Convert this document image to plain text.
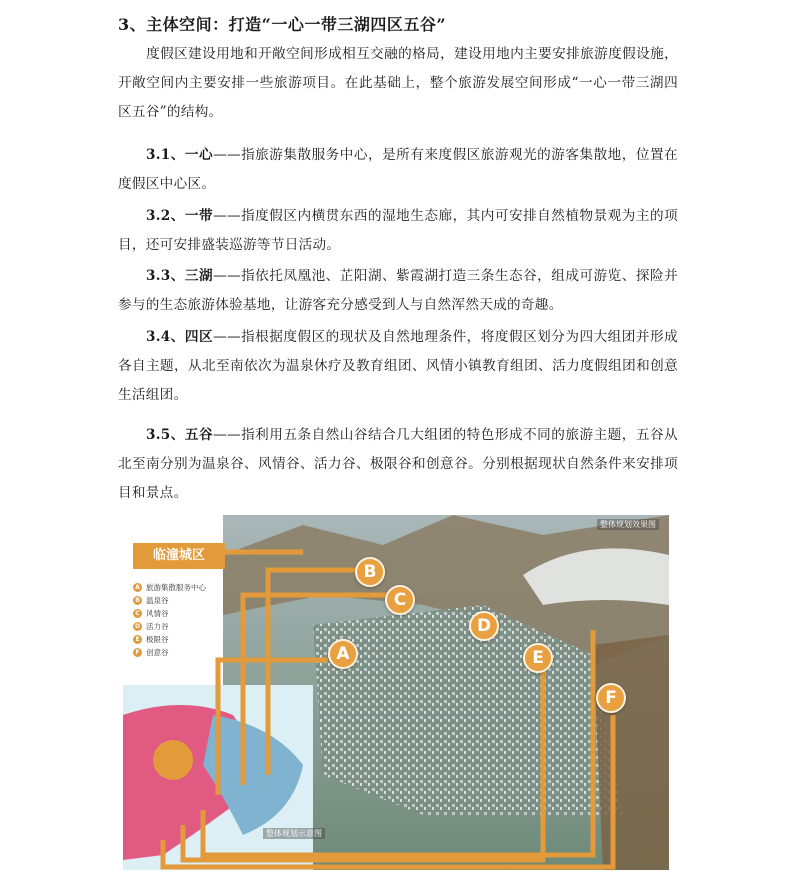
3、主体空间：打造“一心一带三湖四区五谷”
度假区建设用地和开敞空间形成相互交融的格局，建设用地内主要安排旅游度假设施，开敞空间内主要安排一些旅游项目。在此基础上，整个旅游发展空间形成“一心一带三湖四区五谷”的结构。
3.1、一心——指旅游集散服务中心，是所有来度假区旅游观光的游客集散地，位置在度假区中心区。
3.2、一带——指度假区内横贯东西的湿地生态廊，其内可安排自然植物景观为主的项目，还可安排盛装巡游等节日活动。
3.3、三湖——指依托凤凰池、芷阳湖、紫霞湖打造三条生态谷，组成可游览、探险并参与的生态旅游体验基地，让游客充分感受到人与自然浑然天成的奇趣。
3.4、四区——指根据度假区的现状及自然地理条件，将度假区划分为四大组团并形成各自主题，从北至南依次为温泉休疗及教育组团、风情小镇教育组团、活力度假组团和创意生活组团。
3.5、五谷——指利用五条自然山谷结合几大组团的特色形成不同的旅游主题，五谷从北至南分别为温泉谷、风情谷、活力谷、极限谷和创意谷。分别根据现状自然条件来安排项目和景点。
整体规划效果图
临潼城区
A 旅游集散服务中心
B 温泉谷
C 风情谷
D 活力谷
E 极限谷
F 创意谷	A
B
C
D
E
F
整体规划示意图
